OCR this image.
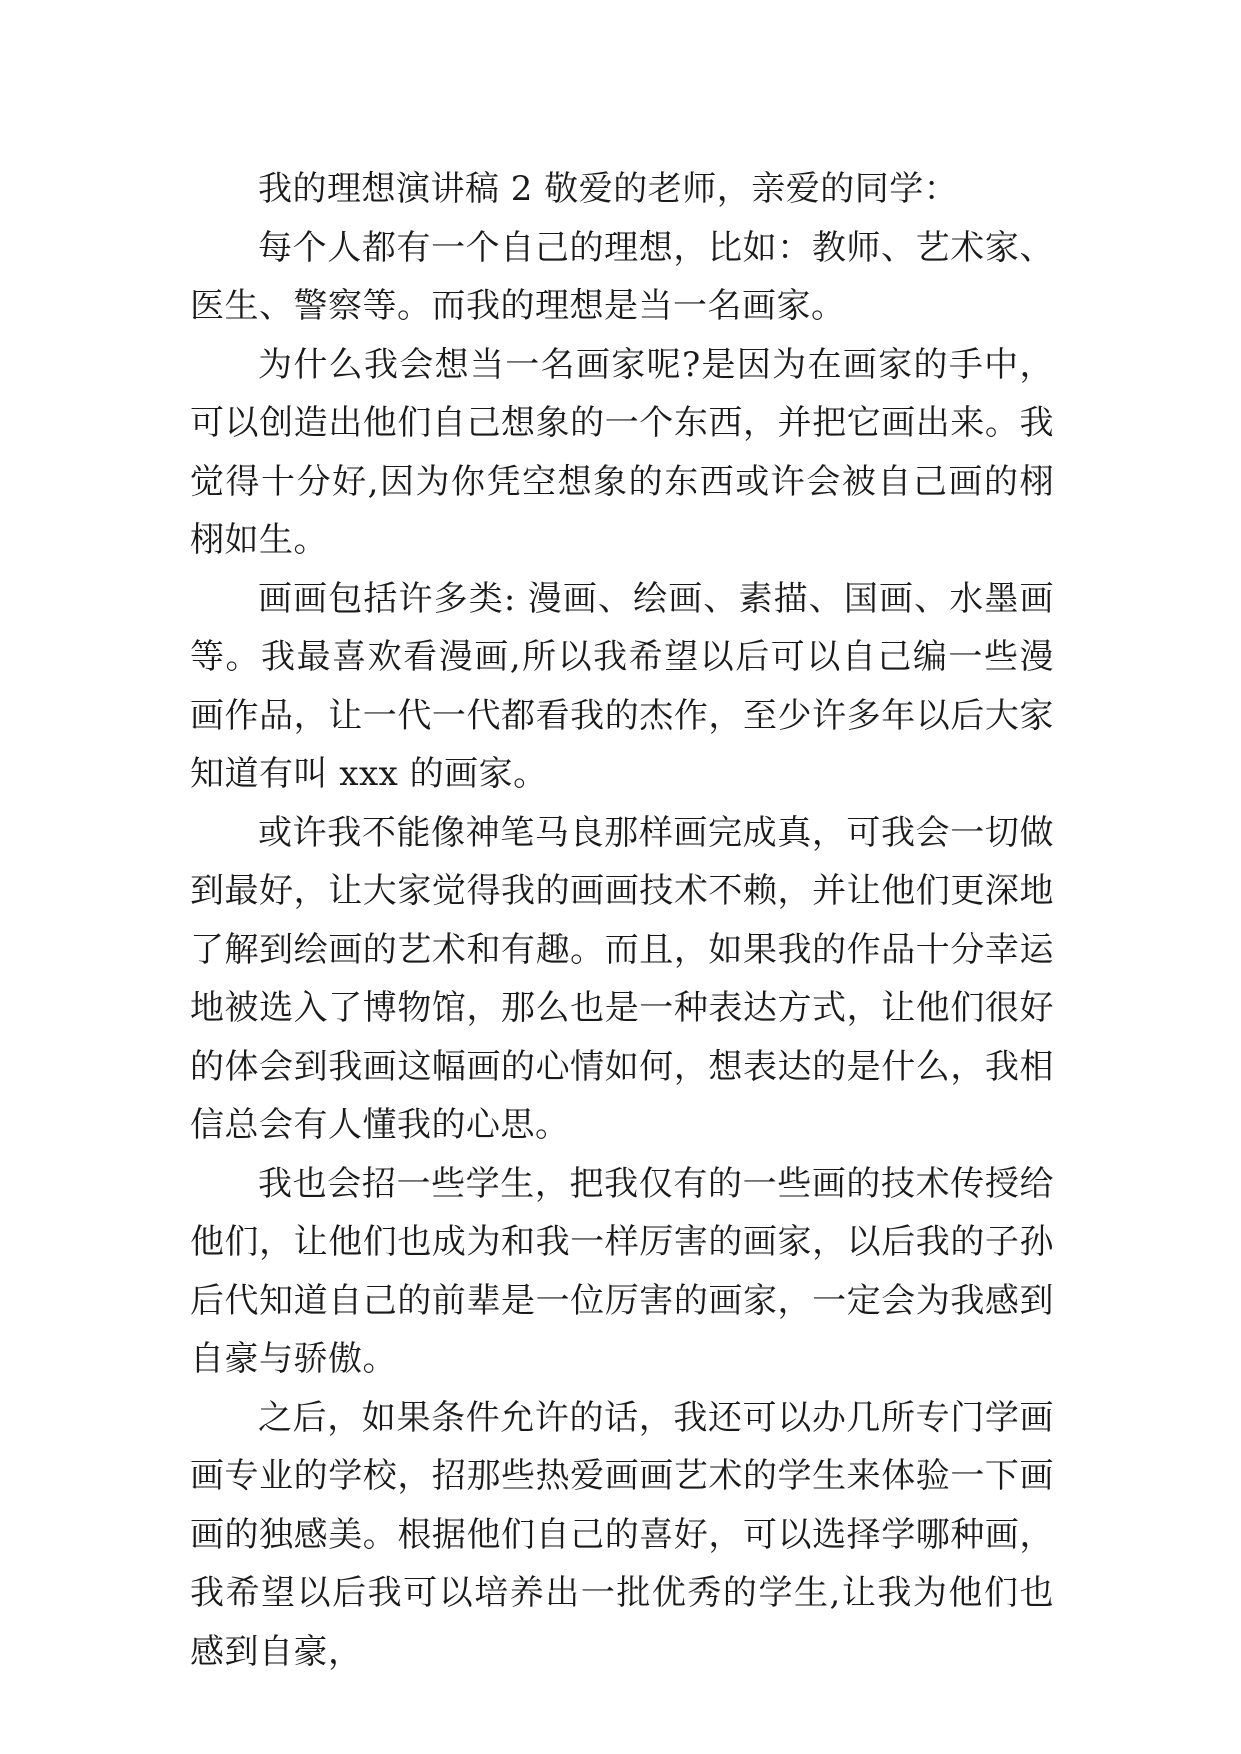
我的理想演讲稿 2 敬爱的老师，亲爱的同学：

每个人都有一个自己的理想，比如：教师、艺术家、医生、警察等。而我的理想是当一名画家。

为什么我会想当一名画家呢?是因为在画家的手中，可以创造出他们自己想象的一个东西，并把它画出来。我觉得十分好,因为你凭空想象的东西或许会被自己画的栩栩如生。

画画包括许多类: 漫画、绘画、素描、国画、水墨画等。我最喜欢看漫画,所以我希望以后可以自己编一些漫画作品，让一代一代都看我的杰作，至少许多年以后大家知道有叫 xxx 的画家。

或许我不能像神笔马良那样画完成真，可我会一切做到最好，让大家觉得我的画画技术不赖，并让他们更深地了解到绘画的艺术和有趣。而且，如果我的作品十分幸运地被选入了博物馆，那么也是一种表达方式，让他们很好的体会到我画这幅画的心情如何，想表达的是什么，我相信总会有人懂我的心思。

我也会招一些学生，把我仅有的一些画的技术传授给他们，让他们也成为和我一样厉害的画家，以后我的子孙后代知道自己的前辈是一位厉害的画家，一定会为我感到自豪与骄傲。

之后，如果条件允许的话，我还可以办几所专门学画画专业的学校，招那些热爱画画艺术的学生来体验一下画画的独感美。根据他们自己的喜好，可以选择学哪种画，我希望以后我可以培养出一批优秀的学生,让我为他们也感到自豪，
